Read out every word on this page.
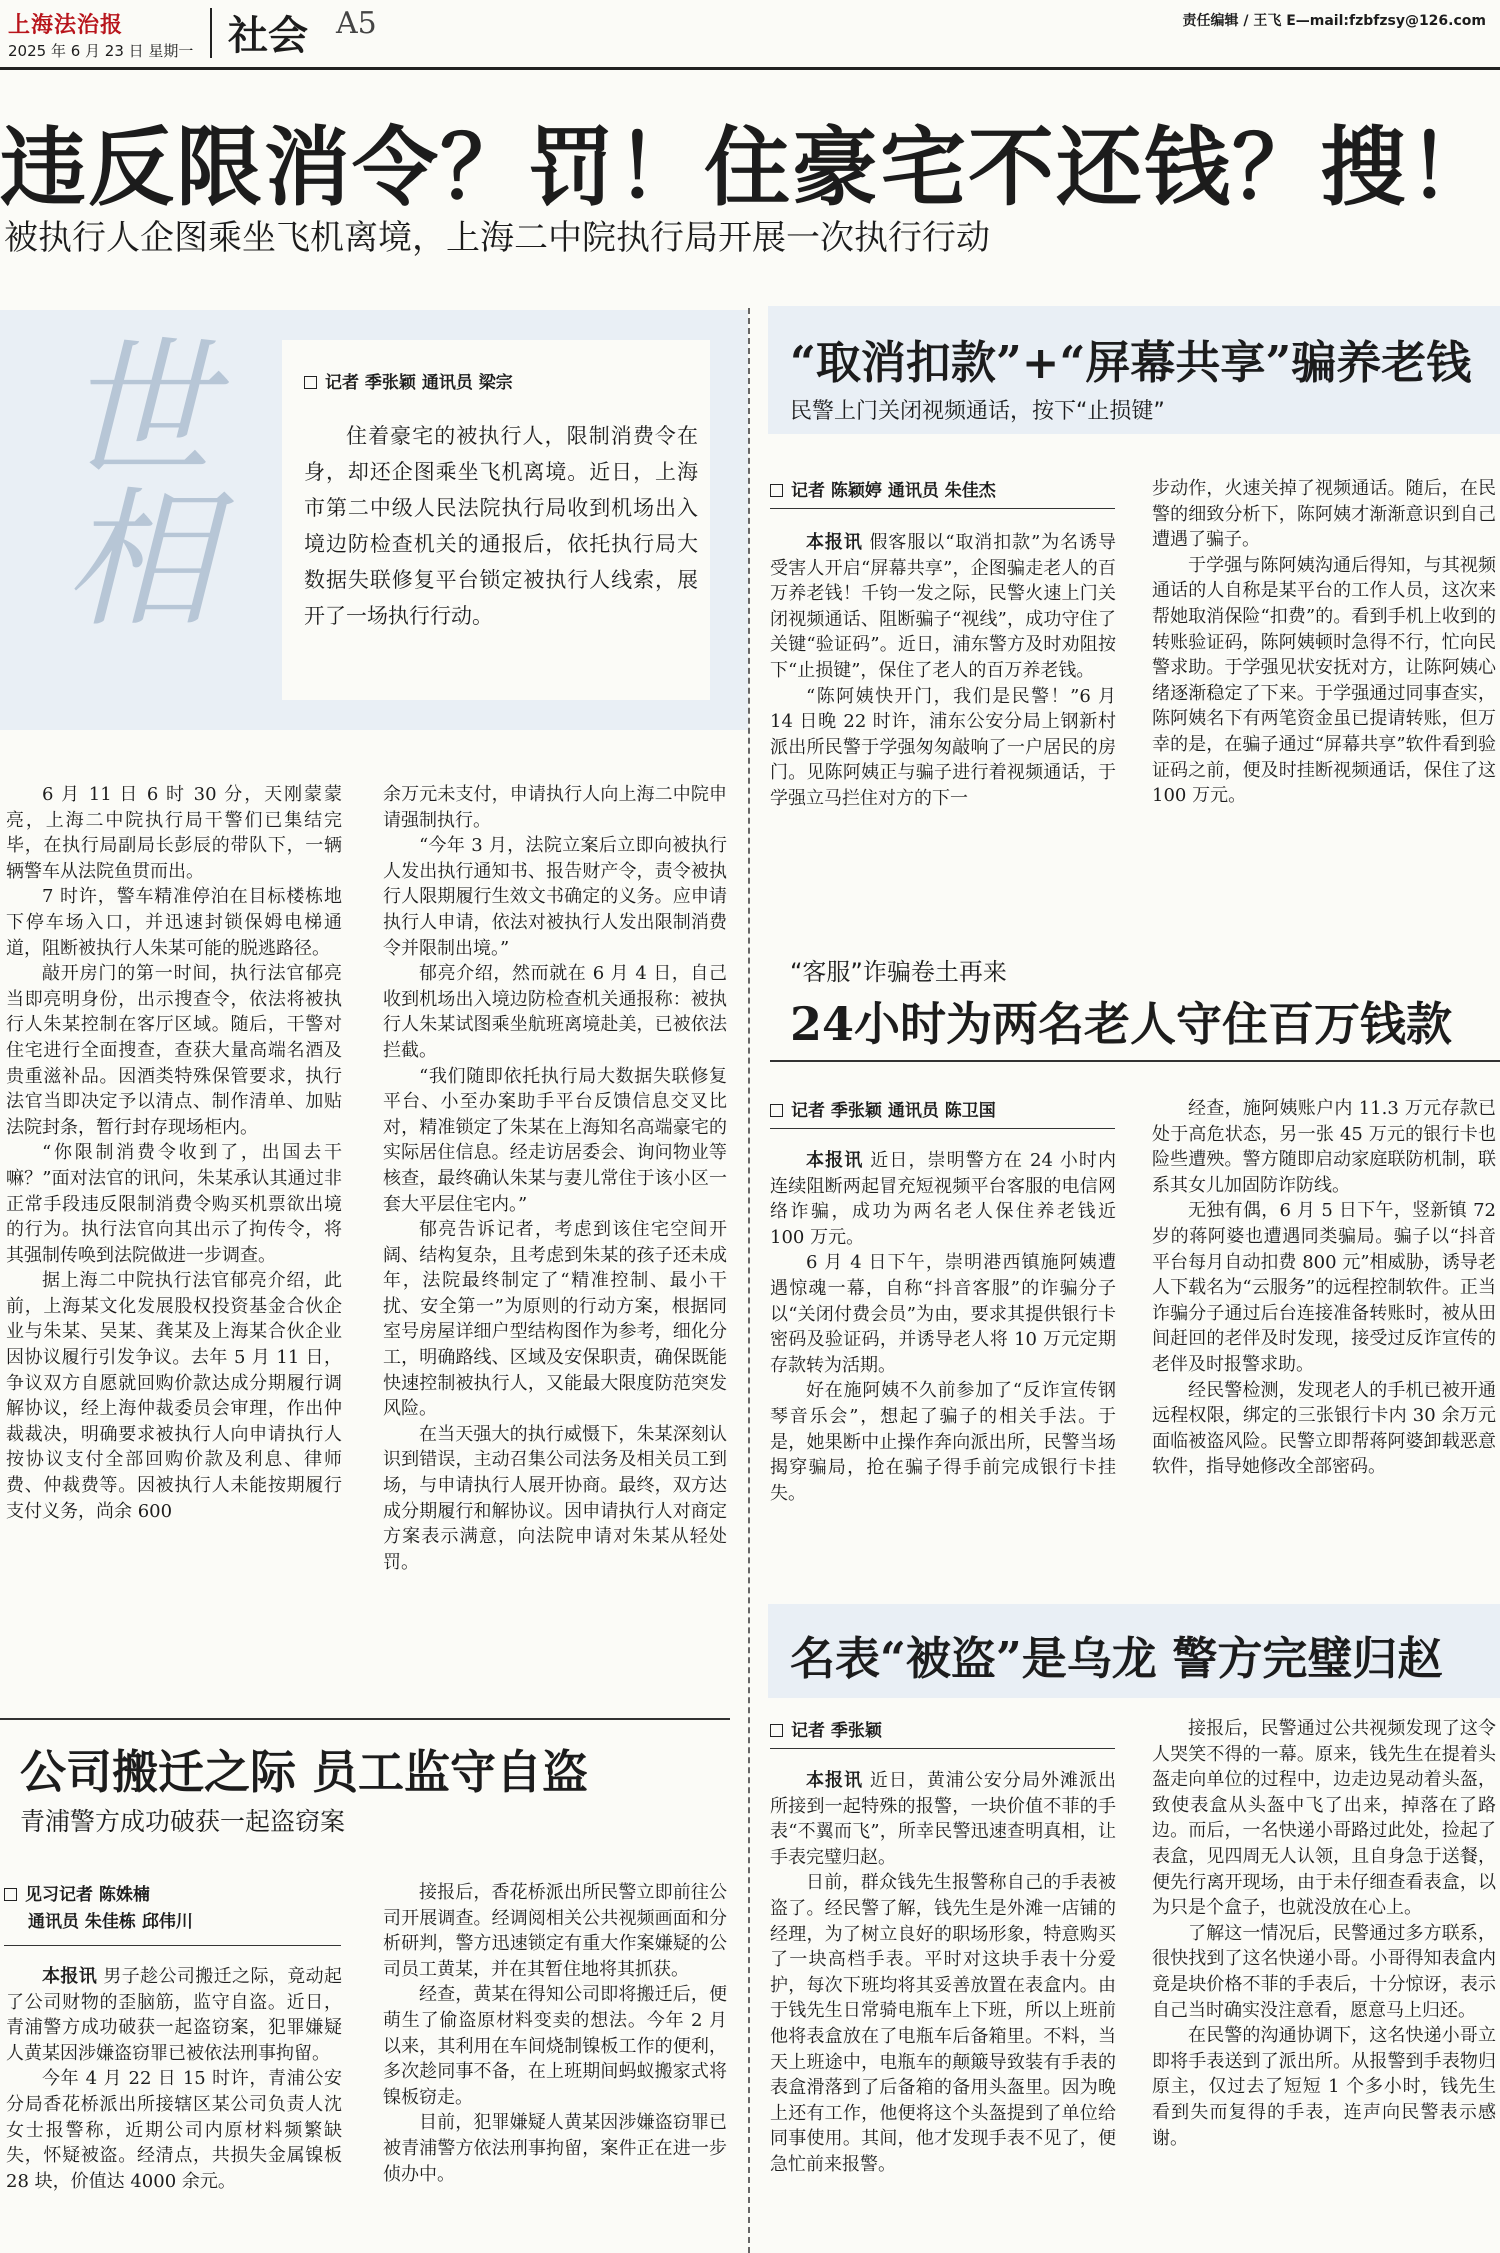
上海法治报
2025 年 6 月 23 日 星期一 社会 A5	责任编辑 / 王飞 E—mail:fzbfzsy@126.com
违反限消令？罚！住豪宅不还钱？搜！
被执行人企图乘坐飞机离境，上海二中院执行局开展一次执行行动
世相	记者 季张颖 通讯员 梁宗

住着豪宅的被执行人，限制消费令在身，却还企图乘坐飞机离境。近日，上海市第二中级人民法院执行局收到机场出入境边防检查机关的通报后，依托执行局大数据失联修复平台锁定被执行人线索，展开了一场执行行动。

6 月 11 日 6 时 30 分，天刚蒙蒙亮，上海二中院执行局干警们已集结完毕，在执行局副局长彭辰的带队下，一辆辆警车从法院鱼贯而出。

7 时许，警车精准停泊在目标楼栋地下停车场入口，并迅速封锁保姆电梯通道，阻断被执行人朱某可能的脱逃路径。

敲开房门的第一时间，执行法官郁亮当即亮明身份，出示搜查令，依法将被执行人朱某控制在客厅区域。随后，干警对住宅进行全面搜查，查获大量高端名酒及贵重滋补品。因酒类特殊保管要求，执行法官当即决定予以清点、制作清单、加贴法院封条，暂行封存现场柜内。

“你限制消费令收到了，出国去干嘛？”面对法官的讯问，朱某承认其通过非正常手段违反限制消费令购买机票欲出境的行为。执行法官向其出示了拘传令，将其强制传唤到法院做进一步调查。

据上海二中院执行法官郁亮介绍，此前，上海某文化发展股权投资基金合伙企业与朱某、吴某、龚某及上海某合伙企业因协议履行引发争议。去年 5 月 11 日，争议双方自愿就回购价款达成分期履行调解协议，经上海仲裁委员会审理，作出仲裁裁决，明确要求被执行人向申请执行人按协议支付全部回购价款及利息、律师费、仲裁费等。因被执行人未能按期履行支付义务，尚余 600

余万元未支付，申请执行人向上海二中院申请强制执行。

“今年 3 月，法院立案后立即向被执行人发出执行通知书、报告财产令，责令被执行人限期履行生效文书确定的义务。应申请执行人申请，依法对被执行人发出限制消费令并限制出境。”

郁亮介绍，然而就在 6 月 4 日，自己收到机场出入境边防检查机关通报称：被执行人朱某试图乘坐航班离境赴美，已被依法拦截。

“我们随即依托执行局大数据失联修复平台、小至办案助手平台反馈信息交叉比对，精准锁定了朱某在上海知名高端豪宅的实际居住信息。经走访居委会、询问物业等核查，最终确认朱某与妻儿常住于该小区一套大平层住宅内。”

郁亮告诉记者，考虑到该住宅空间开阔、结构复杂，且考虑到朱某的孩子还未成年，法院最终制定了“精准控制、最小干扰、安全第一”为原则的行动方案，根据同室号房屋详细户型结构图作为参考，细化分工，明确路线、区域及安保职责，确保既能快速控制被执行人，又能最大限度防范突发风险。

在当天强大的执行威慑下，朱某深刻认识到错误，主动召集公司法务及相关员工到场，与申请执行人展开协商。最终，双方达成分期履行和解协议。因申请执行人对商定方案表示满意，向法院申请对朱某从轻处罚。

公司搬迁之际 员工监守自盗
青浦警方成功破获一起盗窃案
见习记者 陈姝楠
通讯员 朱佳栋 邱伟川

本报讯 男子趁公司搬迁之际，竟动起了公司财物的歪脑筋，监守自盗。近日，青浦警方成功破获一起盗窃案，犯罪嫌疑人黄某因涉嫌盗窃罪已被依法刑事拘留。

今年 4 月 22 日 15 时许，青浦公安分局香花桥派出所接辖区某公司负责人沈女士报警称，近期公司内原材料频繁缺失，怀疑被盗。经清点，共损失金属镍板 28 块，价值达 4000 余元。

接报后，香花桥派出所民警立即前往公司开展调查。经调阅相关公共视频画面和分析研判，警方迅速锁定有重大作案嫌疑的公司员工黄某，并在其暂住地将其抓获。

经查，黄某在得知公司即将搬迁后，便萌生了偷盗原材料变卖的想法。今年 2 月以来，其利用在车间烧制镍板工作的便利，多次趁同事不备，在上班期间蚂蚁搬家式将镍板窃走。

目前，犯罪嫌疑人黄某因涉嫌盗窃罪已被青浦警方依法刑事拘留，案件正在进一步侦办中。

“取消扣款”+“屏幕共享”骗养老钱
民警上门关闭视频通话，按下“止损键”
记者 陈颖婷 通讯员 朱佳杰

本报讯 假客服以“取消扣款”为名诱导受害人开启“屏幕共享”，企图骗走老人的百万养老钱！千钧一发之际，民警火速上门关闭视频通话、阻断骗子“视线”，成功守住了关键“验证码”。近日，浦东警方及时劝阻按下“止损键”，保住了老人的百万养老钱。

“陈阿姨快开门，我们是民警！”6 月 14 日晚 22 时许，浦东公安分局上钢新村派出所民警于学强匆匆敲响了一户居民的房门。见陈阿姨正与骗子进行着视频通话，于学强立马拦住对方的下一

步动作，火速关掉了视频通话。随后，在民警的细致分析下，陈阿姨才渐渐意识到自己遭遇了骗子。

于学强与陈阿姨沟通后得知，与其视频通话的人自称是某平台的工作人员，这次来帮她取消保险“扣费”的。看到手机上收到的转账验证码，陈阿姨顿时急得不行，忙向民警求助。于学强见状安抚对方，让陈阿姨心绪逐渐稳定了下来。于学强通过同事查实，陈阿姨名下有两笔资金虽已提请转账，但万幸的是，在骗子通过“屏幕共享”软件看到验证码之前，便及时挂断视频通话，保住了这 100 万元。

“客服”诈骗卷土再来
24小时为两名老人守住百万钱款
记者 季张颖 通讯员 陈卫国

本报讯 近日，崇明警方在 24 小时内连续阻断两起冒充短视频平台客服的电信网络诈骗，成功为两名老人保住养老钱近 100 万元。

6 月 4 日下午，崇明港西镇施阿姨遭遇惊魂一幕，自称“抖音客服”的诈骗分子以“关闭付费会员”为由，要求其提供银行卡密码及验证码，并诱导老人将 10 万元定期存款转为活期。

好在施阿姨不久前参加了“反诈宣传钢琴音乐会”，想起了骗子的相关手法。于是，她果断中止操作奔向派出所，民警当场揭穿骗局，抢在骗子得手前完成银行卡挂失。

经查，施阿姨账户内 11.3 万元存款已处于高危状态，另一张 45 万元的银行卡也险些遭殃。警方随即启动家庭联防机制，联系其女儿加固防诈防线。

无独有偶，6 月 5 日下午，竖新镇 72 岁的蒋阿婆也遭遇同类骗局。骗子以“抖音平台每月自动扣费 800 元”相威胁，诱导老人下载名为“云服务”的远程控制软件。正当诈骗分子通过后台连接准备转账时，被从田间赶回的老伴及时发现，接受过反诈宣传的老伴及时报警求助。

经民警检测，发现老人的手机已被开通远程权限，绑定的三张银行卡内 30 余万元面临被盗风险。民警立即帮蒋阿婆卸载恶意软件，指导她修改全部密码。

名表“被盗”是乌龙 警方完璧归赵
记者 季张颖

本报讯 近日，黄浦公安分局外滩派出所接到一起特殊的报警，一块价值不菲的手表“不翼而飞”，所幸民警迅速查明真相，让手表完璧归赵。

日前，群众钱先生报警称自己的手表被盗了。经民警了解，钱先生是外滩一店铺的经理，为了树立良好的职场形象，特意购买了一块高档手表。平时对这块手表十分爱护，每次下班均将其妥善放置在表盒内。由于钱先生日常骑电瓶车上下班，所以上班前他将表盒放在了电瓶车后备箱里。不料，当天上班途中，电瓶车的颠簸导致装有手表的表盒滑落到了后备箱的备用头盔里。因为晚上还有工作，他便将这个头盔提到了单位给同事使用。其间，他才发现手表不见了，便急忙前来报警。

接报后，民警通过公共视频发现了这令人哭笑不得的一幕。原来，钱先生在提着头盔走向单位的过程中，边走边晃动着头盔，致使表盒从头盔中飞了出来，掉落在了路边。而后，一名快递小哥路过此处，捡起了表盒，见四周无人认领，且自身急于送餐，便先行离开现场，由于未仔细查看表盒，以为只是个盒子，也就没放在心上。

了解这一情况后，民警通过多方联系，很快找到了这名快递小哥。小哥得知表盒内竟是块价格不菲的手表后，十分惊讶，表示自己当时确实没注意看，愿意马上归还。

在民警的沟通协调下，这名快递小哥立即将手表送到了派出所。从报警到手表物归原主，仅过去了短短 1 个多小时，钱先生看到失而复得的手表，连声向民警表示感谢。
